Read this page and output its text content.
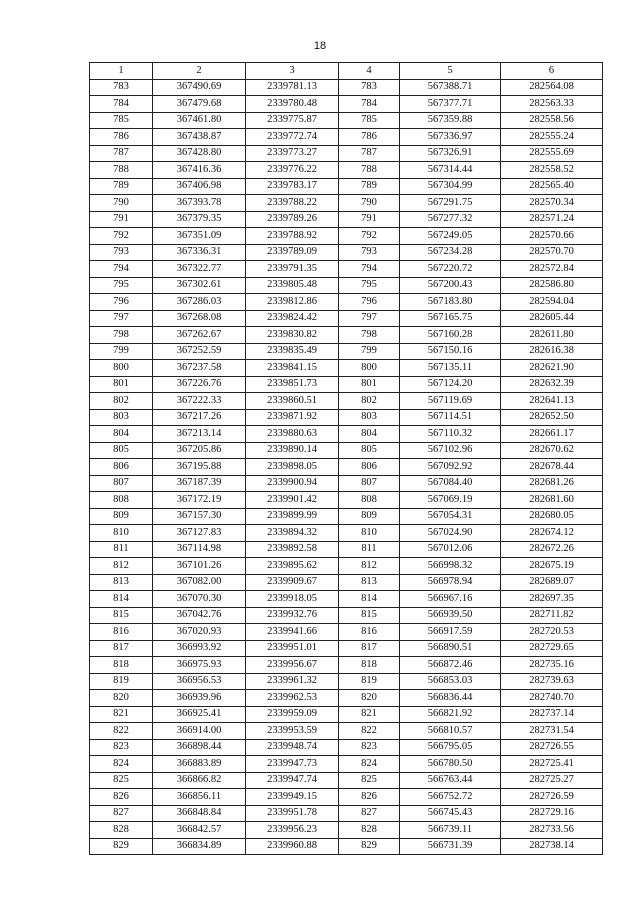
18
1	2	3	4	5	6
783	367490.69	2339781.13	783	567388.71	282564.08
784	367479.68	2339780.48	784	567377.71	282563.33
785	367461.80	2339775.87	785	567359.88	282558.56
786	367438.87	2339772.74	786	567336.97	282555.24
787	367428.80	2339773.27	787	567326.91	282555.69
788	367416.36	2339776.22	788	567314.44	282558.52
789	367406.98	2339783.17	789	567304.99	282565.40
790	367393.78	2339788.22	790	567291.75	282570.34
791	367379.35	2339789.26	791	567277.32	282571.24
792	367351.09	2339788.92	792	567249.05	282570.66
793	367336.31	2339789.09	793	567234.28	282570.70
794	367322.77	2339791.35	794	567220.72	282572.84
795	367302.61	2339805.48	795	567200.43	282586.80
796	367286.03	2339812.86	796	567183.80	282594.04
797	367268.08	2339824.42	797	567165.75	282605.44
798	367262.67	2339830.82	798	567160.28	282611.80
799	367252.59	2339835.49	799	567150.16	282616.38
800	367237.58	2339841.15	800	567135.11	282621.90
801	367226.76	2339851.73	801	567124.20	282632.39
802	367222.33	2339860.51	802	567119.69	282641.13
803	367217.26	2339871.92	803	567114.51	282652.50
804	367213.14	2339880.63	804	567110.32	282661.17
805	367205.86	2339890.14	805	567102.96	282670.62
806	367195.88	2339898.05	806	567092.92	282678.44
807	367187.39	2339900.94	807	567084.40	282681.26
808	367172.19	2339901.42	808	567069.19	282681.60
809	367157.30	2339899.99	809	567054.31	282680.05
810	367127.83	2339894.32	810	567024.90	282674.12
811	367114.98	2339892.58	811	567012.06	282672.26
812	367101.26	2339895.62	812	566998.32	282675.19
813	367082.00	2339909.67	813	566978.94	282689.07
814	367070.30	2339918.05	814	566967.16	282697.35
815	367042.76	2339932.76	815	566939.50	282711.82
816	367020.93	2339941.66	816	566917.59	282720.53
817	366993.92	2339951.01	817	566890.51	282729.65
818	366975.93	2339956.67	818	566872.46	282735.16
819	366956.53	2339961.32	819	566853.03	282739.63
820	366939.96	2339962.53	820	566836.44	282740.70
821	366925.41	2339959.09	821	566821.92	282737.14
822	366914.00	2339953.59	822	566810.57	282731.54
823	366898.44	2339948.74	823	566795.05	282726.55
824	366883.89	2339947.73	824	566780.50	282725.41
825	366866.82	2339947.74	825	566763.44	282725.27
826	366856.11	2339949.15	826	566752.72	282726.59
827	366848.84	2339951.78	827	566745.43	282729.16
828	366842.57	2339956.23	828	566739.11	282733.56
829	366834.89	2339960.88	829	566731.39	282738.14
